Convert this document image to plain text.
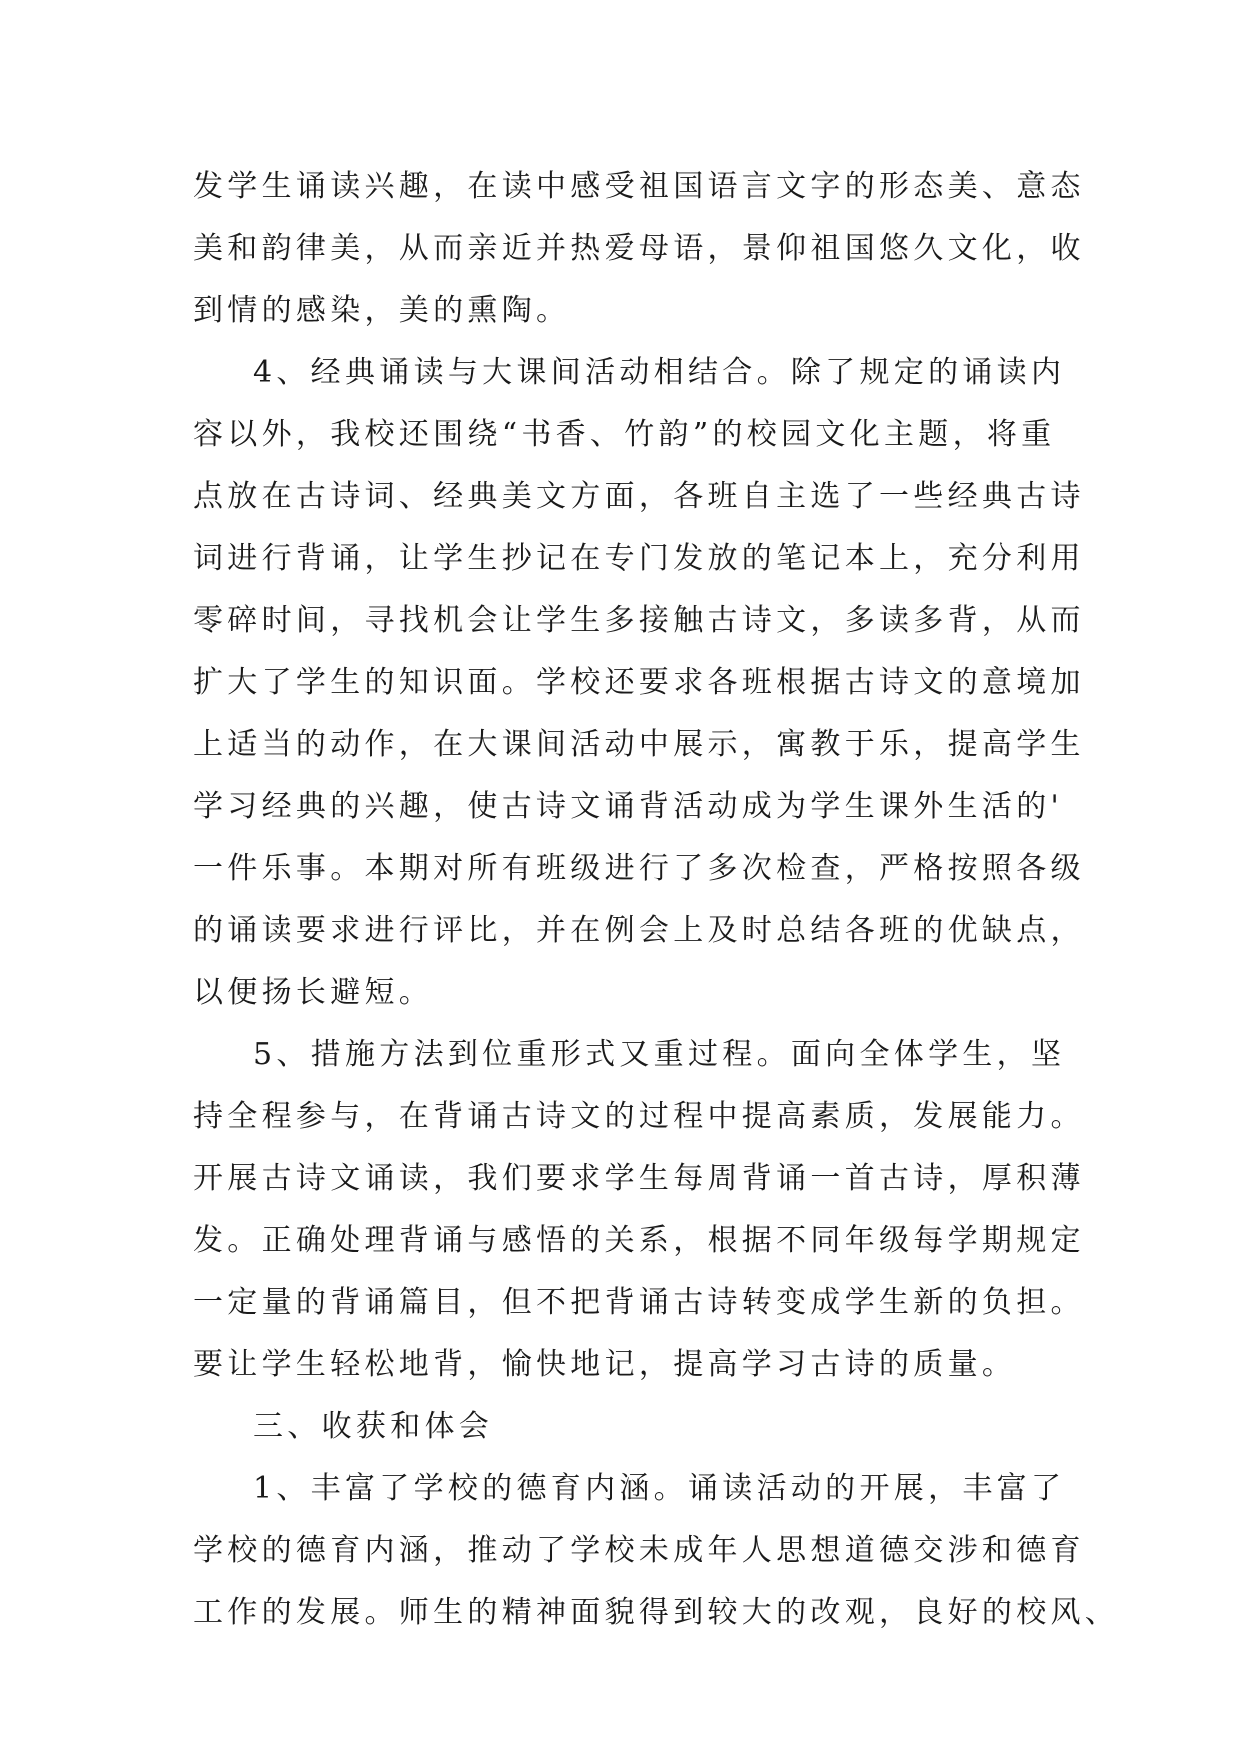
发学生诵读兴趣，在读中感受祖国语言文字的形态美、意态
美和韵律美，从而亲近并热爱母语，景仰祖国悠久文化，收
到情的感染，美的熏陶。
4、经典诵读与大课间活动相结合。除了规定的诵读内
容以外，我校还围绕“书香、竹韵”的校园文化主题，将重
点放在古诗词、经典美文方面，各班自主选了一些经典古诗
词进行背诵，让学生抄记在专门发放的笔记本上，充分利用
零碎时间，寻找机会让学生多接触古诗文，多读多背，从而
扩大了学生的知识面。学校还要求各班根据古诗文的意境加
上适当的动作，在大课间活动中展示，寓教于乐，提高学生
学习经典的兴趣，使古诗文诵背活动成为学生课外生活的'
一件乐事。本期对所有班级进行了多次检查，严格按照各级
的诵读要求进行评比，并在例会上及时总结各班的优缺点，
以便扬长避短。
5、措施方法到位重形式又重过程。面向全体学生，坚
持全程参与，在背诵古诗文的过程中提高素质，发展能力。
开展古诗文诵读，我们要求学生每周背诵一首古诗，厚积薄
发。正确处理背诵与感悟的关系，根据不同年级每学期规定
一定量的背诵篇目，但不把背诵古诗转变成学生新的负担。
要让学生轻松地背，愉快地记，提高学习古诗的质量。
三、收获和体会
1、丰富了学校的德育内涵。诵读活动的开展，丰富了
学校的德育内涵，推动了学校未成年人思想道德交涉和德育
工作的发展。师生的精神面貌得到较大的改观，良好的校风、
